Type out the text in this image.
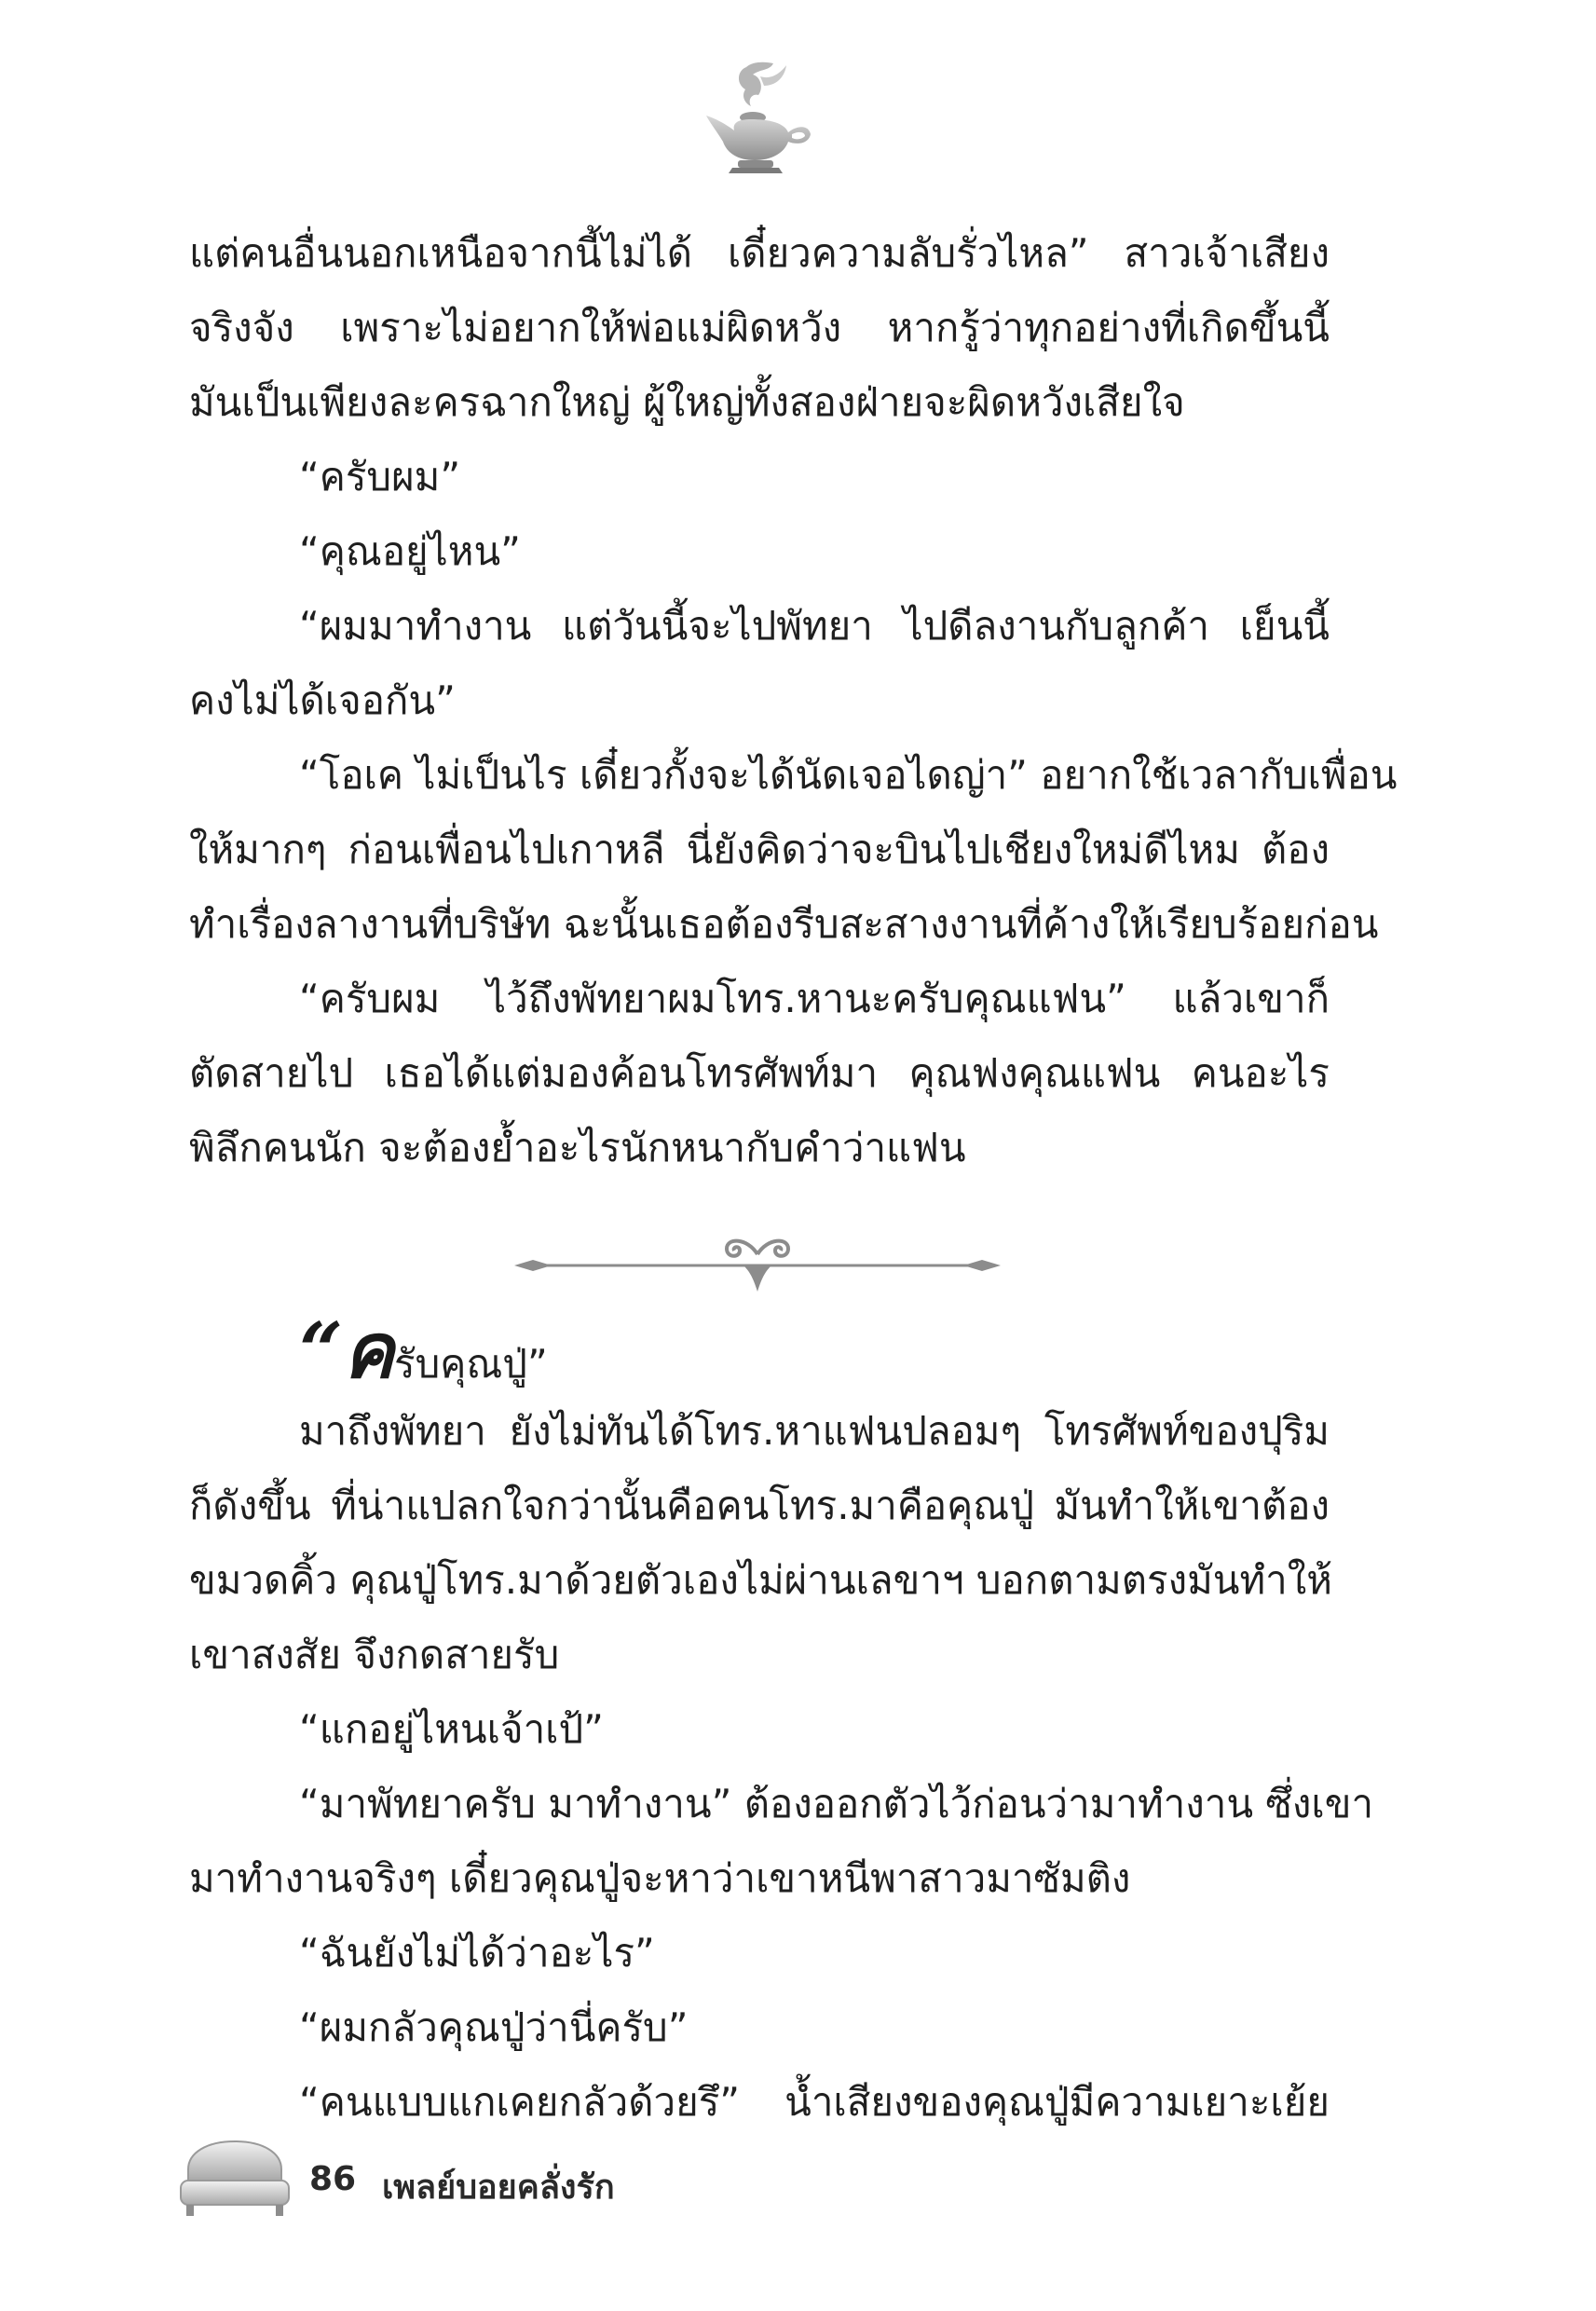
แต่คนอื่นนอกเหนือจากนี้ไม่ได้ เดี๋ยวความลับรั่วไหล” สาวเจ้าเสียง
จริงจัง เพราะไม่อยากให้พ่อแม่ผิดหวัง หากรู้ว่าทุกอย่างที่เกิดขึ้นนี้
มันเป็นเพียงละครฉากใหญ่ ผู้ใหญ่ทั้งสองฝ่ายจะผิดหวังเสียใจ
“ครับผม”
“คุณอยู่ไหน”
“ผมมาทำงาน แต่วันนี้จะไปพัทยา ไปดีลงานกับลูกค้า เย็นนี้
คงไม่ได้เจอกัน”
“โอเค ไม่เป็นไร เดี๋ยวกั้งจะได้นัดเจอไดญ่า” อยากใช้เวลากับเพื่อน
ให้มากๆ ก่อนเพื่อนไปเกาหลี นี่ยังคิดว่าจะบินไปเชียงใหม่ดีไหม ต้อง
ทำเรื่องลางานที่บริษัท ฉะนั้นเธอต้องรีบสะสางงานที่ค้างให้เรียบร้อยก่อน
“ครับผม ไว้ถึงพัทยาผมโทร.หานะครับคุณแฟน” แล้วเขาก็
ตัดสายไป เธอได้แต่มองค้อนโทรศัพท์มา คุณฟงคุณแฟน คนอะไร
พิลึกคนนัก จะต้องย้ำอะไรนักหนากับคำว่าแฟน
“ครับคุณปู่”
มาถึงพัทยา ยังไม่ทันได้โทร.หาแฟนปลอมๆ โทรศัพท์ของปุริม
ก็ดังขึ้น ที่น่าแปลกใจกว่านั้นคือคนโทร.มาคือคุณปู่ มันทำให้เขาต้อง
ขมวดคิ้ว คุณปู่โทร.มาด้วยตัวเองไม่ผ่านเลขาฯ บอกตามตรงมันทำให้
เขาสงสัย จึงกดสายรับ
“แกอยู่ไหนเจ้าเป้”
“มาพัทยาครับ มาทำงาน” ต้องออกตัวไว้ก่อนว่ามาทำงาน ซึ่งเขา
มาทำงานจริงๆ เดี๋ยวคุณปู่จะหาว่าเขาหนีพาสาวมาซัมติง
“ฉันยังไม่ได้ว่าอะไร”
“ผมกลัวคุณปู่ว่านี่ครับ”
“คนแบบแกเคยกลัวด้วยรึ” น้ำเสียงของคุณปู่มีความเยาะเย้ย
86 เพลย์บอยคลั่งรัก
